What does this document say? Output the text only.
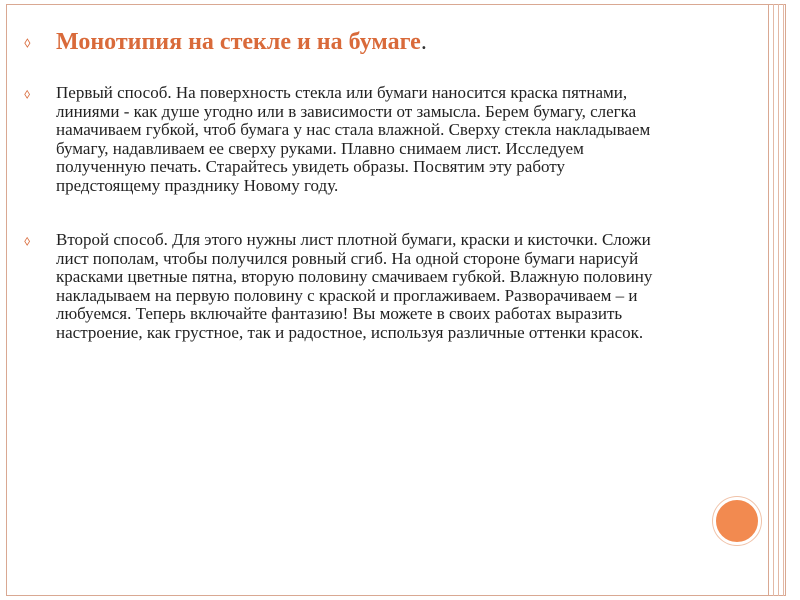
⬨ Монотипия на стекле и на бумаге.
⬨ Первый способ. На поверхность стекла или бумаги наносится краска пятнами, линиями - как душе угодно или в зависимости от замысла. Берем бумагу, слегка намачиваем губкой, чтоб бумага у нас стала влажной. Сверху стекла накладываем бумагу, надавливаем ее сверху руками. Плавно снимаем лист. Исследуем полученную печать. Старайтесь увидеть образы. Посвятим эту работу предстоящему празднику Новому году.

⬨ Второй способ. Для этого нужны лист плотной бумаги, краски и кисточки. Сложи лист пополам, чтобы получился ровный сгиб. На одной стороне бумаги нарисуй красками цветные пятна, вторую половину смачиваем губкой. Влажную половину накладываем на первую половину с краской и проглаживаем. Разворачиваем – и любуемся. Теперь включайте фантазию! Вы можете в своих работах выразить настроение, как грустное, так и радостное, используя различные оттенки красок.
